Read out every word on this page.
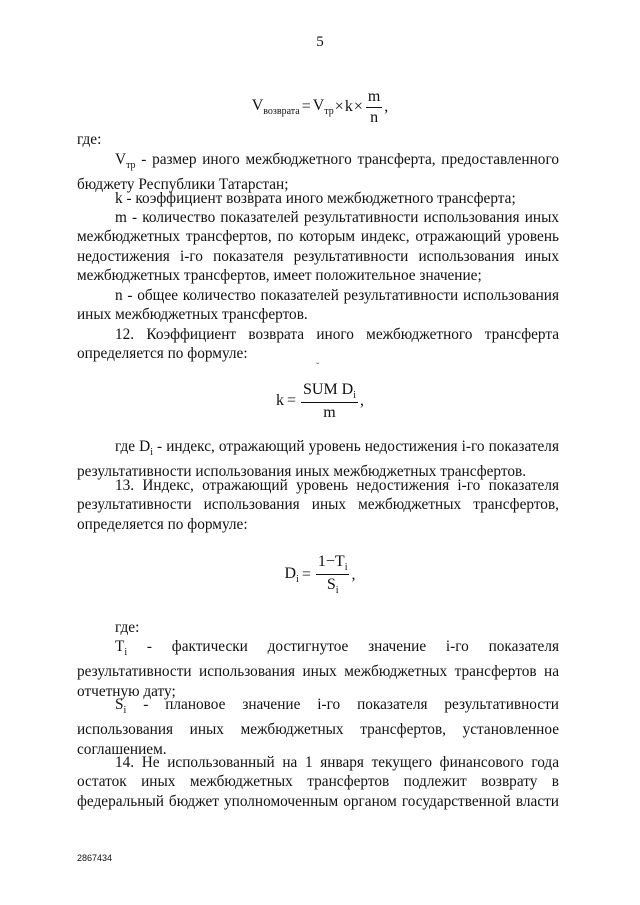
5
$V_{возврата} = V_{тр} \times k \times \frac{m}{n}$ ,
где:
$V_{тр}$ - размер иного межбюджетного трансферта, предоставленного бюджету Республики Татарстан;
k - коэффициент возврата иного межбюджетного трансферта;
m - количество показателей результативности использования иных межбюджетных трансфертов, по которым индекс, отражающий уровень недостижения i-го показателя результативности использования иных межбюджетных трансфертов, имеет положительное значение;
n - общее количество показателей результативности использования иных межбюджетных трансфертов.
12. Коэффициент возврата иного межбюджетного трансферта определяется по формуле:
ˇ
$k = \frac{SUM D_i}{m}$ ,
где $D_i$ - индекс, отражающий уровень недостижения i-го показателя результативности использования иных межбюджетных трансфертов.
13. Индекс, отражающий уровень недостижения i-го показателя результативности использования иных межбюджетных трансфертов, определяется по формуле:
$D_i = \frac{1-T_i}{S_i}$ ,
где:
$T_i$ - фактически достигнутое значение i-го показателя результативности использования иных межбюджетных трансфертов на отчетную дату;
$S_i$ - плановое значение i-го показателя результативности использования иных межбюджетных трансфертов, установленное соглашением.
14. Не использованный на 1 января текущего финансового года остаток иных межбюджетных трансфертов подлежит возврату в федеральный бюджет уполномоченным органом государственной власти
2867434
